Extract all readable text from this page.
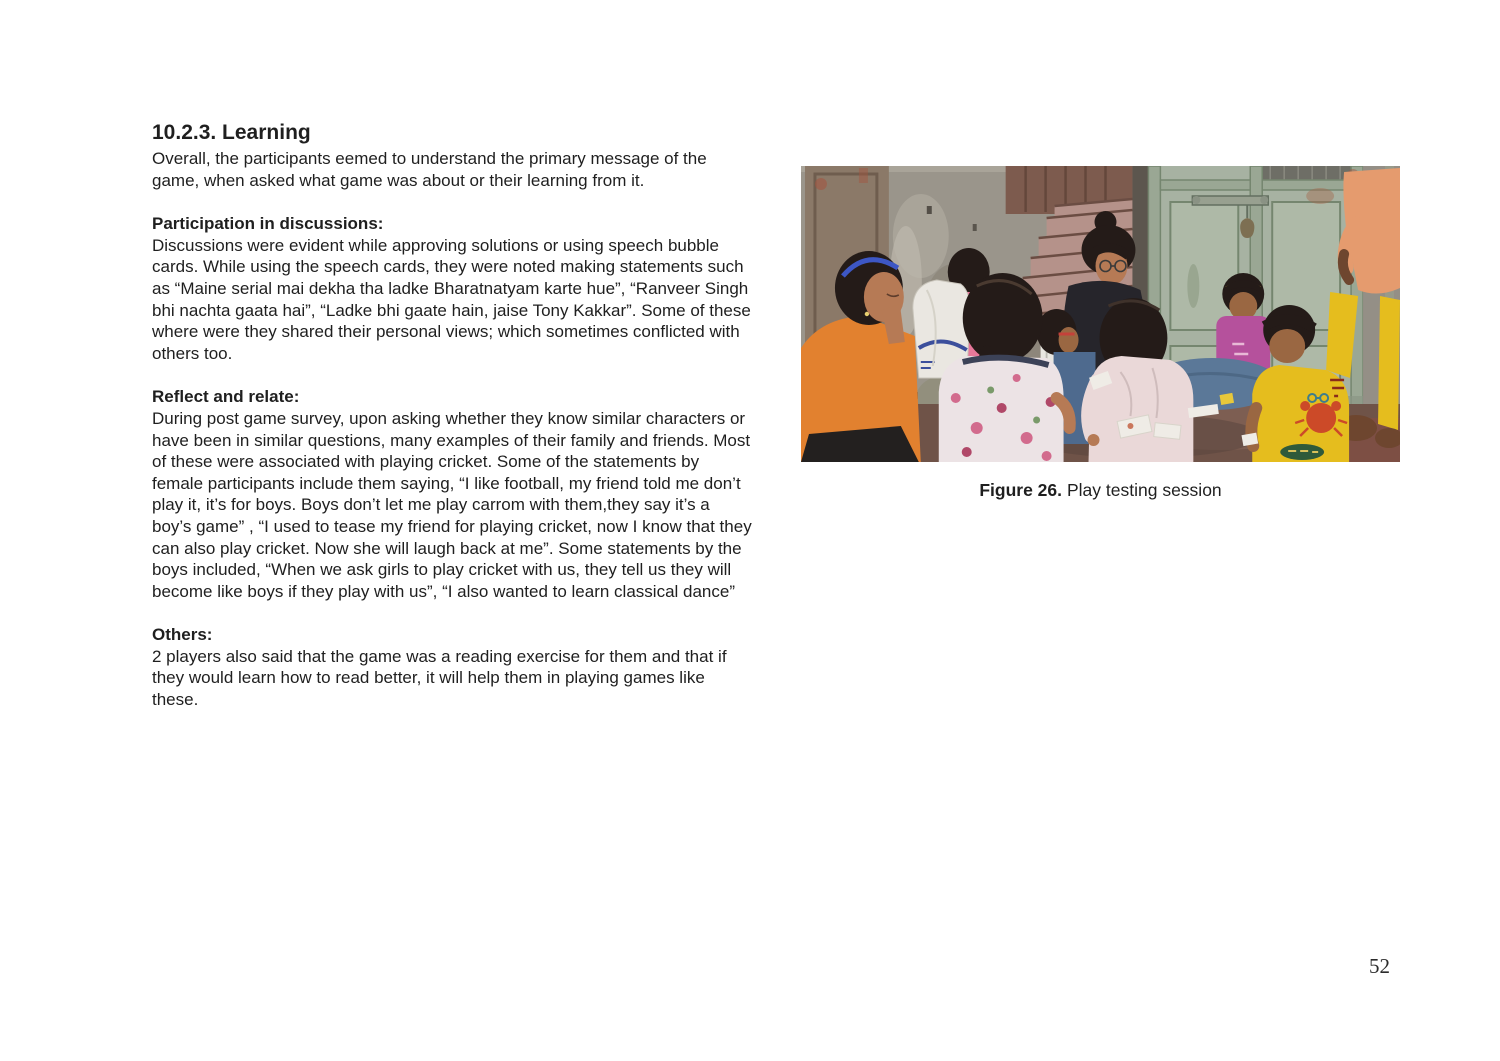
10.2.3. Learning

Overall, the participants eemed to understand the primary message of the game, when asked what game was about or their learning from it.

Participation in discussions:

Discussions were evident while approving solutions or using speech bubble cards. While using the speech cards, they were noted making statements such as “Maine serial mai dekha tha ladke Bharatnatyam karte hue”, “Ranveer Singh bhi nachta gaata hai”, “Ladke bhi gaate hain, jaise Tony Kakkar”. Some of these where were they shared their personal views; which sometimes conflicted with others too.

Reflect and relate:

During post game survey, upon asking whether they know similar characters or have been in similar questions, many examples of their family and friends. Most of these were associated with playing cricket. Some of the statements by female participants include them saying, “I like football, my friend told me don’t play it, it’s for boys. Boys don’t let me play carrom with them,they say it’s a boy’s game” , “I used to tease my friend for playing cricket, now I know that they can also play cricket. Now she will laugh back at me”. Some statements by the boys included, “When we ask girls to play cricket with us, they tell us they will become like boys if they play with us”, “I also wanted to learn classical dance”

Others:

2 players also said that the game was a reading exercise for them and that if they would learn how to read better, it will help them in playing games like these.

Figure 26. Play testing session
52
